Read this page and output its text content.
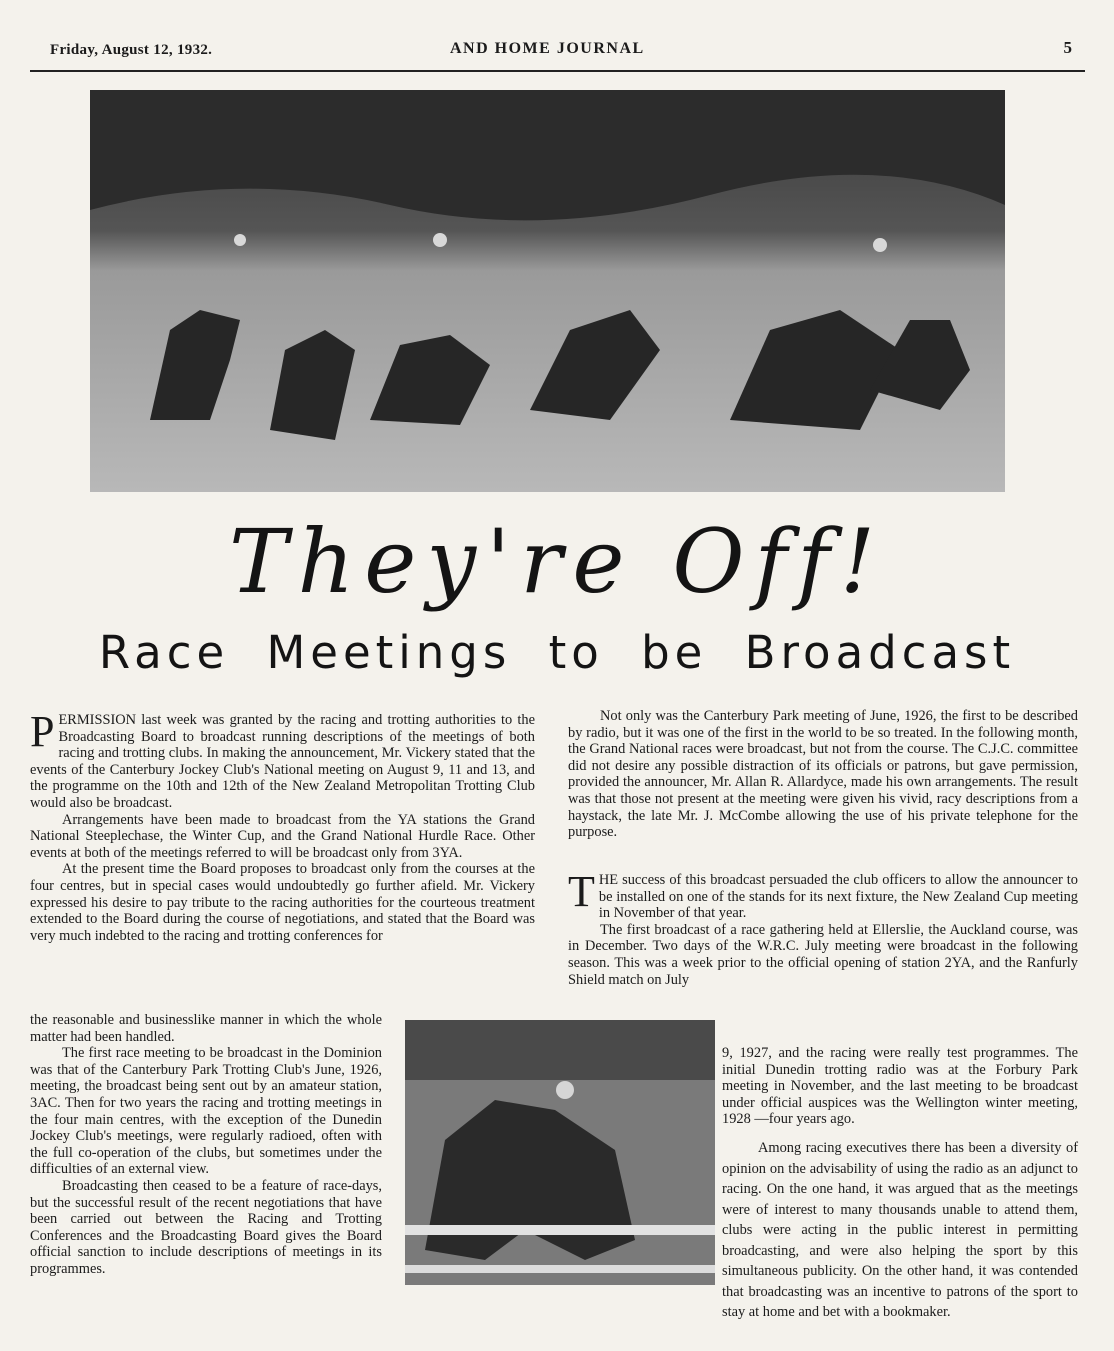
Friday, August 12, 1932.	AND HOME JOURNAL	5
They're Off!
Race Meetings to be Broadcast

PERMISSION last week was granted by the racing and trotting authorities to the Broadcasting Board to broadcast running descriptions of the meetings of both racing and trotting clubs. In making the announcement, Mr. Vickery stated that the events of the Canterbury Jockey Club's National meeting on August 9, 11 and 13, and the programme on the 10th and 12th of the New Zealand Metropolitan Trotting Club would also be broadcast.

Arrangements have been made to broadcast from the YA stations the Grand National Steeplechase, the Winter Cup, and the Grand National Hurdle Race. Other events at both of the meetings referred to will be broadcast only from 3YA.

At the present time the Board proposes to broadcast only from the courses at the four centres, but in special cases would undoubtedly go further afield. Mr. Vickery expressed his desire to pay tribute to the racing authorities for the courteous treatment extended to the Board during the course of negotiations, and stated that the Board was very much indebted to the racing and trotting conferences for

the reasonable and businesslike manner in which the whole matter had been handled.

The first race meeting to be broadcast in the Dominion was that of the Canterbury Park Trotting Club's June, 1926, meeting, the broadcast being sent out by an amateur station, 3AC. Then for two years the racing and trotting meetings in the four main centres, with the exception of the Dunedin Jockey Club's meetings, were regularly radioed, often with the full co-operation of the clubs, but sometimes under the difficulties of an external view.

Broadcasting then ceased to be a feature of race-days, but the successful result of the recent negotiations that have been carried out between the Racing and Trotting Conferences and the Broadcasting Board gives the Board official sanction to include descriptions of meetings in its programmes.

Not only was the Canterbury Park meeting of June, 1926, the first to be described by radio, but it was one of the first in the world to be so treated. In the following month, the Grand National races were broadcast, but not from the course. The C.J.C. committee did not desire any possible distraction of its officials or patrons, but gave permission, provided the announcer, Mr. Allan R. Allardyce, made his own arrangements. The result was that those not present at the meeting were given his vivid, racy descriptions from a haystack, the late Mr. J. McCombe allowing the use of his private telephone for the purpose.

THE success of this broadcast persuaded the club officers to allow the announcer to be installed on one of the stands for its next fixture, the New Zealand Cup meeting in November of that year.

The first broadcast of a race gathering held at Ellerslie, the Auckland course, was in December. Two days of the W.R.C. July meeting were broadcast in the following season. This was a week prior to the official opening of station 2YA, and the Ranfurly Shield match on July

9, 1927, and the racing were really test programmes. The initial Dunedin trotting radio was at the Forbury Park meeting in November, and the last meeting to be broadcast under official auspices was the Wellington winter meeting, 1928 —four years ago.

Among racing executives there has been a diversity of opinion on the advisability of using the radio as an adjunct to racing. On the one hand, it was argued that as the meetings were of interest to many thousands unable to attend them, clubs were acting in the public interest in permitting broadcasting, and were also helping the sport by this simultaneous publicity. On the other hand, it was contended that broadcasting was an incentive to patrons of the sport to stay at home and bet with a bookmaker.
